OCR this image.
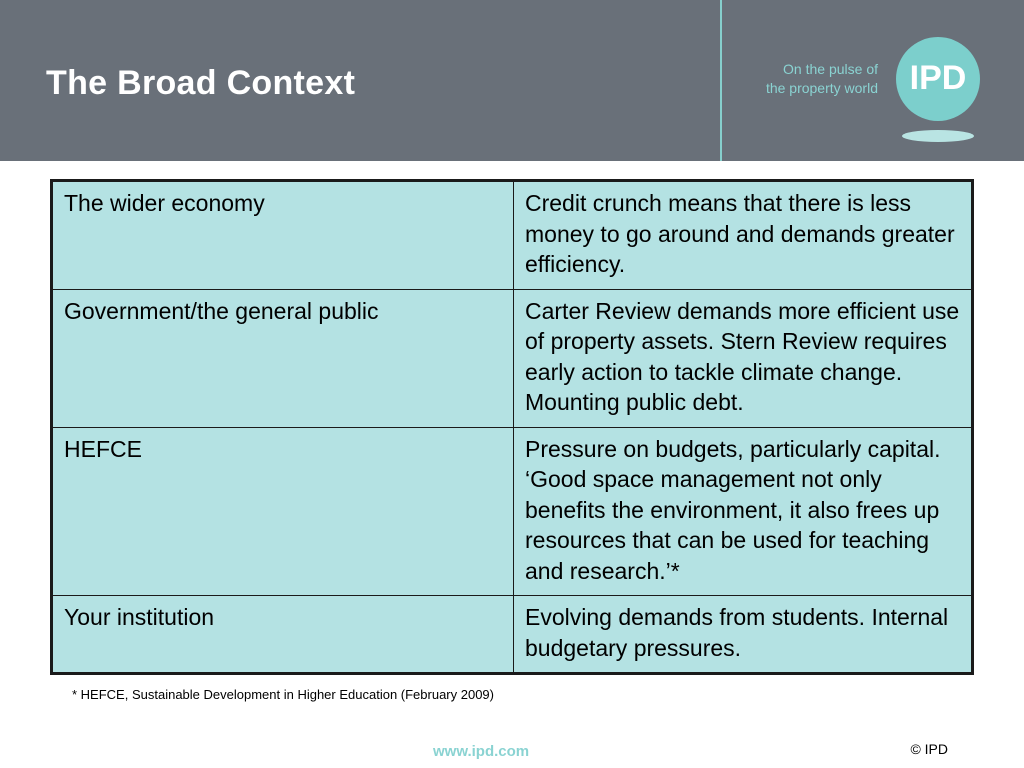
The Broad Context	On the pulse of
the property world IPD
The wider economy	Credit crunch means that there is less money to go around and demands greater efficiency.
Government/the general public	Carter Review demands more efficient use of property assets. Stern Review requires early action to tackle climate change. Mounting public debt.
HEFCE	Pressure on budgets, particularly capital. ‘Good space management not only benefits the environment, it also frees up resources that can be used for teaching and research.’*
Your institution	Evolving demands from students. Internal budgetary pressures.
* HEFCE, Sustainable Development in Higher Education (February 2009)
www.ipd.com	© IPD
